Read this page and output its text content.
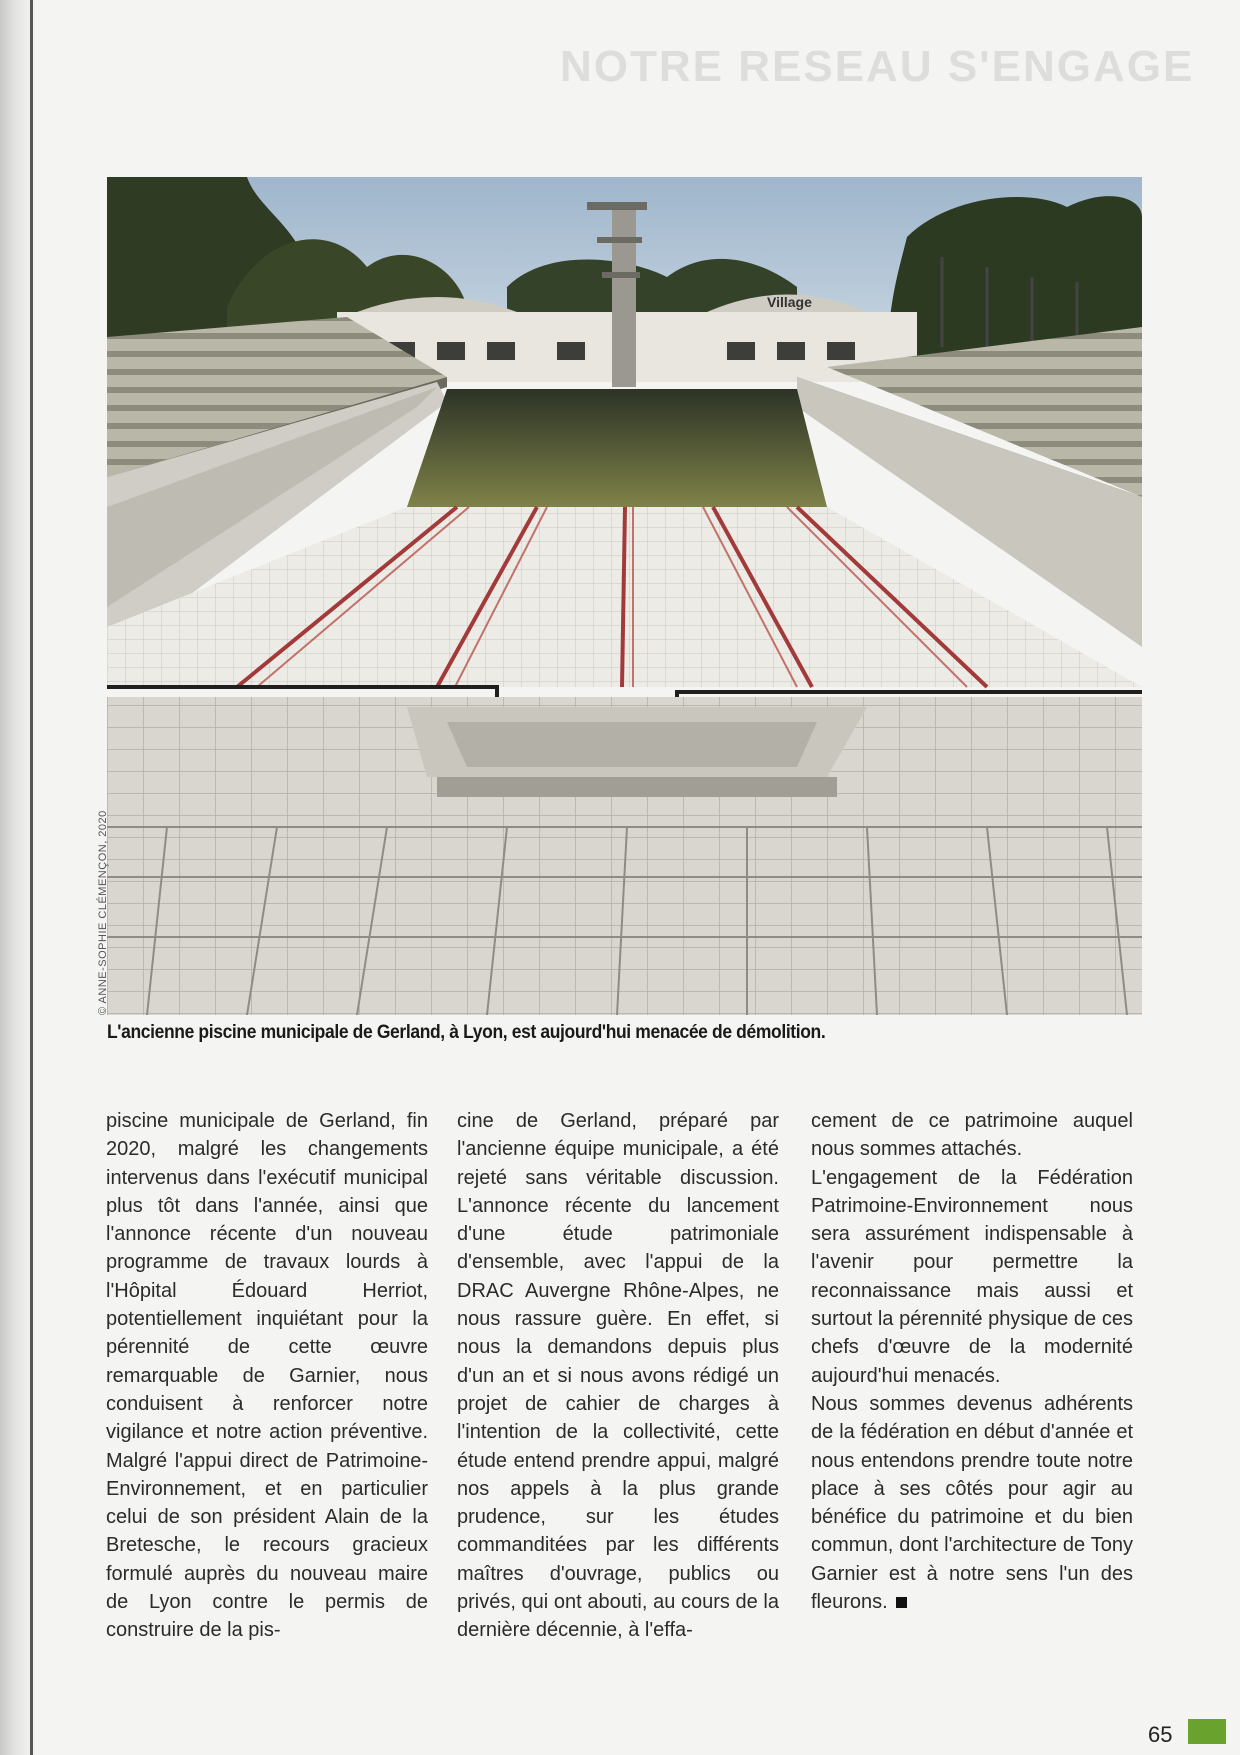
NOTRE RESEAU S'ENGAGE
Village
© ANNE-SOPHIE CLÉMENÇON, 2020
L'ancienne piscine municipale de Gerland, à Lyon, est aujourd'hui menacée de démolition.

piscine municipale de Gerland, fin 2020, malgré les changements intervenus dans l'exécutif municipal plus tôt dans l'année, ainsi que l'annonce récente d'un nouveau programme de travaux lourds à l'Hôpital Édouard Herriot, potentiellement inquiétant pour la pérennité de cette œuvre remarquable de Garnier, nous conduisent à renforcer notre vigilance et notre action préventive. Malgré l'appui direct de Patrimoine-Environnement, et en particulier celui de son président Alain de la Bretesche, le recours gracieux formulé auprès du nouveau maire de Lyon contre le permis de construire de la pis-

cine de Gerland, préparé par l'ancienne équipe municipale, a été rejeté sans véritable discussion. L'annonce récente du lancement d'une étude patrimoniale d'ensemble, avec l'appui de la DRAC Auvergne Rhône-Alpes, ne nous rassure guère. En effet, si nous la demandons depuis plus d'un an et si nous avons rédigé un projet de cahier de charges à l'intention de la collectivité, cette étude entend prendre appui, malgré nos appels à la plus grande prudence, sur les études commanditées par les différents maîtres d'ouvrage, publics ou privés, qui ont abouti, au cours de la dernière décennie, à l'effa-

cement de ce patrimoine auquel nous sommes attachés.

L'engagement de la Fédération Patrimoine-Environnement nous sera assurément indispensable à l'avenir pour permettre la reconnaissance mais aussi et surtout la pérennité physique de ces chefs d'œuvre de la modernité aujourd'hui menacés.

Nous sommes devenus adhérents de la fédération en début d'année et nous entendons prendre toute notre place à ses côtés pour agir au bénéfice du patrimoine et du bien commun, dont l'architecture de Tony Garnier est à notre sens l'un des fleurons.

65
